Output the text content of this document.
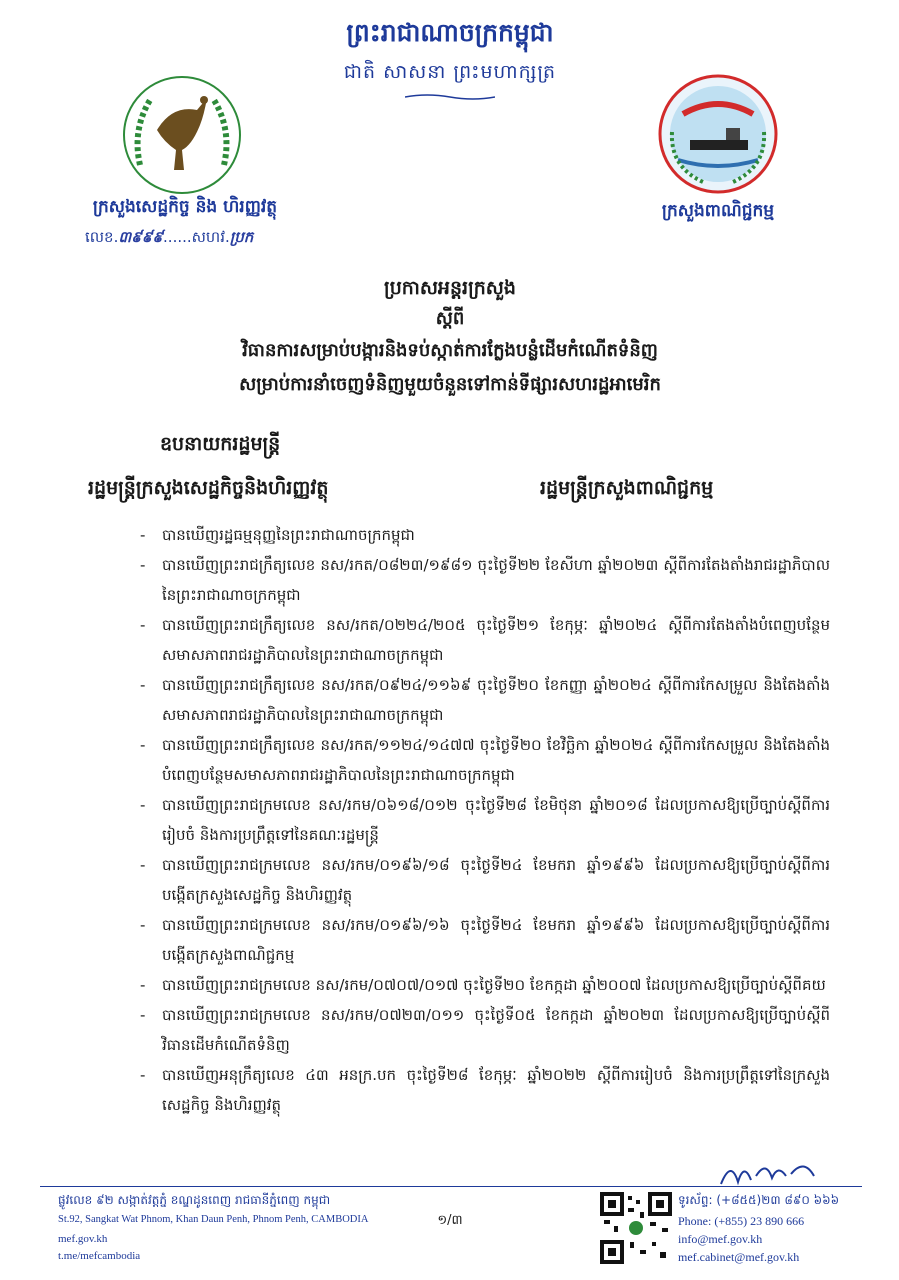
ព្រះរាជាណាចក្រកម្ពុជា
ជាតិ សាសនា ព្រះមហាក្សត្រ
ក្រសួងសេដ្ឋកិច្ច និង ហិរញ្ញវត្ថុ
លេខ.៣៩៩៩......សហវ.ប្រក
ក្រសួងពាណិជ្ជកម្ម
ប្រកាសអន្តរក្រសួង
ស្ដីពី
វិធានការសម្រាប់បង្ការនិងទប់ស្កាត់ការក្លែងបន្លំដើមកំណើតទំនិញ
សម្រាប់ការនាំចេញទំនិញមួយចំនួនទៅកាន់ទីផ្សារសហរដ្ឋអាមេរិក
ឧបនាយករដ្ឋមន្ត្រី
រដ្ឋមន្ត្រីក្រសួងសេដ្ឋកិច្ចនិងហិរញ្ញវត្ថុ	រដ្ឋមន្ត្រីក្រសួងពាណិជ្ជកម្ម
- បានឃើញរដ្ឋធម្មនុញ្ញនៃព្រះរាជាណាចក្រកម្ពុជា
- បានឃើញព្រះរាជក្រឹត្យលេខ នស/រកត/០៨២៣/១៩៨១ ចុះថ្ងៃទី២២ ខែសីហា ឆ្នាំ២០២៣ ស្តីពីការតែងតាំងរាជរដ្ឋាភិបាលនៃព្រះរាជាណាចក្រកម្ពុជា
- បានឃើញព្រះរាជក្រឹត្យលេខ នស/រកត/០២២៤/២០៥ ចុះថ្ងៃទី២១ ខែកុម្ភៈ ឆ្នាំ២០២៤ ស្តីពីការតែងតាំងបំពេញបន្ថែមសមាសភាពរាជរដ្ឋាភិបាលនៃព្រះរាជាណាចក្រកម្ពុជា
- បានឃើញព្រះរាជក្រឹត្យលេខ នស/រកត/០៩២៤/១១៦៩ ចុះថ្ងៃទី២០ ខែកញ្ញា ឆ្នាំ២០២៤ ស្តីពីការកែសម្រួល និងតែងតាំងសមាសភាពរាជរដ្ឋាភិបាលនៃព្រះរាជាណាចក្រកម្ពុជា
- បានឃើញព្រះរាជក្រឹត្យលេខ នស/រកត/១១២៤/១៤៧៧ ចុះថ្ងៃទី២០ ខែវិច្ឆិកា ឆ្នាំ២០២៤ ស្តីពីការកែសម្រួល និងតែងតាំងបំពេញបន្ថែមសមាសភាពរាជរដ្ឋាភិបាលនៃព្រះរាជាណាចក្រកម្ពុជា
- បានឃើញព្រះរាជក្រមលេខ នស/រកម/០៦១៨/០១២ ចុះថ្ងៃទី២៨ ខែមិថុនា ឆ្នាំ២០១៨ ដែលប្រកាសឱ្យប្រើច្បាប់ស្តីពីការរៀបចំ និងការប្រព្រឹត្តទៅនៃគណៈរដ្ឋមន្ត្រី
- បានឃើញព្រះរាជក្រមលេខ នស/រកម/០១៩៦/១៨ ចុះថ្ងៃទី២៤ ខែមករា ឆ្នាំ១៩៩៦ ដែលប្រកាសឱ្យប្រើច្បាប់ស្តីពីការបង្កើតក្រសួងសេដ្ឋកិច្ច និងហិរញ្ញវត្ថុ
- បានឃើញព្រះរាជក្រមលេខ នស/រកម/០១៩៦/១៦ ចុះថ្ងៃទី២៤ ខែមករា ឆ្នាំ១៩៩៦ ដែលប្រកាសឱ្យប្រើច្បាប់ស្តីពីការបង្កើតក្រសួងពាណិជ្ជកម្ម
- បានឃើញព្រះរាជក្រមលេខ នស/រកម/០៧០៧/០១៧ ចុះថ្ងៃទី២០ ខែកក្កដា ឆ្នាំ២០០៧ ដែលប្រកាសឱ្យប្រើច្បាប់ស្តីពីគយ
- បានឃើញព្រះរាជក្រមលេខ នស/រកម/០៧២៣/០១១ ចុះថ្ងៃទី០៥ ខែកក្កដា ឆ្នាំ២០២៣ ដែលប្រកាសឱ្យប្រើច្បាប់ស្តីពីវិធានដើមកំណើតទំនិញ
- បានឃើញអនុក្រឹត្យលេខ ៤៣ អនក្រ.បក ចុះថ្ងៃទី២៨ ខែកុម្ភៈ ឆ្នាំ២០២២ ស្តីពីការរៀបចំ និងការប្រព្រឹត្តទៅនៃក្រសួងសេដ្ឋកិច្ច និងហិរញ្ញវត្ថុ
ផ្លូវលេខ ៩២ សង្កាត់វត្តភ្នំ ខណ្ឌដូនពេញ រាជធានីភ្នំពេញ កម្ពុជា
St.92, Sangkat Wat Phnom, Khan Daun Penh, Phnom Penh, CAMBODIA
mef.gov.kh
t.me/mefcambodia
១/៣
ទូរស័ព្ទ: (+៨៥៥)២៣ ៨៩០ ៦៦៦
Phone: (+855) 23 890 666
info@mef.gov.kh
mef.cabinet@mef.gov.kh
